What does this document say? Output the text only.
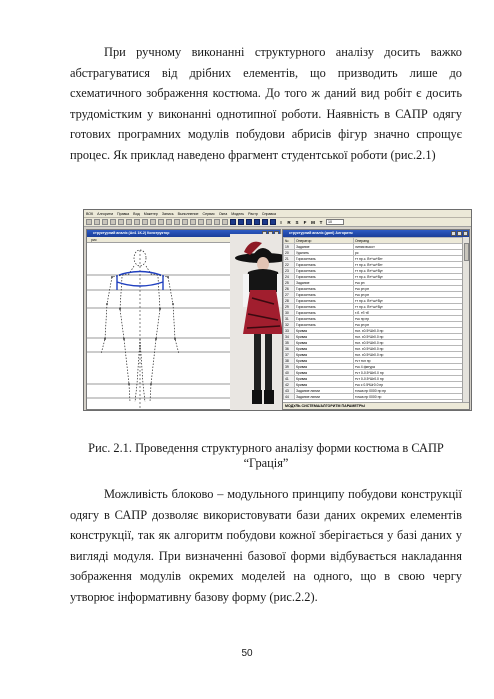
При ручному виконанні структурного аналізу досить важко абстрагуватися від дрібних елементів, що призводить лише до схематичного зображення костюма. До того ж даний вид робіт є досить трудомістким у виконанні однотипної роботи. Наявність в САПР одягу готових програмних модулів побудови абрисів фігур значно спрощує процес. Як приклад наведено фрагмент студентської роботи (рис.2.1)

ВОК Алгоритм Правка Вид Макетер Запись Выполнение Сервис Окна Модель Растр Справка
I	R	S	F	M	T	10
структурний аналіз (Ан1 1К-2) Конструктор
рис
структурний аналіз (дані) Алгоритм
№	Оператор	Операнд
19	Задание	линия высот
20	Удалить	рс
21	Горизонталь	тт пр.с. Вт+ш+Вгт
22	Горизонталь	тт пр.с. Вт+ш+Вгт
23	Горизонталь	тт пр.с. Вт+ш+Вуг
24	Горизонталь	тт пр.с. Вт+ш+Вуг
25	Задание	тчк рп
26	Горизонталь	тчк рп рп
27	Горизонталь	тчк рп рп
28	Горизонталь	тт пр.с. Вт+ш+Вуг
29	Горизонталь	тт пр.с. Вт+ш+Вуг
30	Горизонталь	т.б. тб тб
31	Горизонталь	тчк пр пр
32	Горизонталь	тчк рп рп
33	Кривая	ткл. х0.5*Шг0.0 пр
34	Кривая	ткл. х0.5*Шг0.0 пр
35	Кривая	ткл. х0.5*Шг0.0 пр
36	Кривая	ткл. х0.5*Шг0.0 пр
37	Кривая	ткл. х0.5*Шг0.0 пр
38	Кривая	тчт ткл пр
39	Кривая	тчк 4 фигура
40	Кривая	тчт 0-0.5*Шг0.0 пр
41	Кривая	тчт 0-0.5*Шг0.0 пр
42	Кривая	тчк с 0.5*Шг0.0 пр
43	Задание линии	точка пр 0000 пр пр
44	Задание линии	точка пр 0000 пр
МОДУЛЬ СИСТЕМА/АЛГОРИТМ ПАРАМЕТРЫ

Рис. 2.1. Проведення структурного аналізу форми костюма в САПР “Грація”

Можливість блоково – модульного принципу побудови конструкції одягу в САПР дозволяє використовувати бази даних окремих елементів конструкції, так як алгоритм побудови кожної зберігається у базі даних у вигляді модуля. При визначенні базової форми відбувається накладання зображення модулів окремих моделей на одного, що в свою чергу утворює інформативну базову форму (рис.2.2).

50
